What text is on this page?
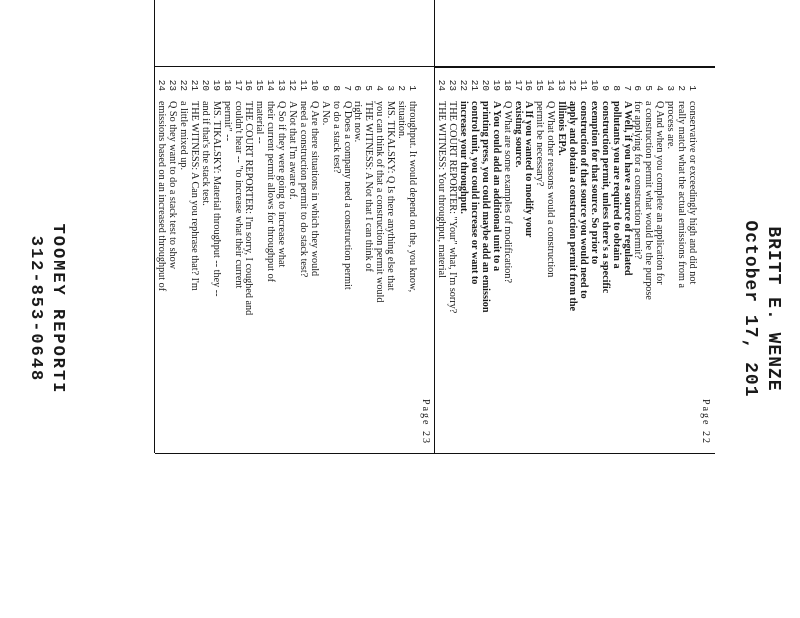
BRITT E. WENZE
October 17, 201
Page 22
1
conservative or exceedingly high and did not
2
really match what the actual emissions from a
3
process are.
4
Q And when you complete an application for
5
a construction permit what would be the purpose
6
for applying for a construction permit?
7
A Well, if you have a source of regulated
8
pollutants you are required to obtain a
9
construction permit, unless there's a specific
10
exemption for that source. So prior to
11
construction of that source you would need to
12
apply and obtain a construction permit from the
13
Illinois EPA.
14
Q What other reasons would a construction
15
permit be necessary?
16
A If you wanted to modify your
17
existing source.
18
Q What are some examples of modification?
19
A You could add an additional unit to a
20
printing press, you could maybe add an emission
21
control unit, you could increase or want to
22
increase your throughput.
23
THE COURT REPORTER: "Your" what, I'm sorry?
24
THE WITNESS: Your throughput, material
Page 23
1
throughput. It would depend on the, you know,
2
situation.
3
MS. TIKALSKY: Q Is there anything else that
4
you can think of that a construction permit would
5
THE WITNESS: A Not that I can think of
6
right now.
7
Q Does a company need a construction permit
8
to do a stack test?
9
A No.
10
Q Are there situations in which they would
11
need a construction permit to do stack test?
12
A Not that I'm aware of.
13
Q So if they were going to increase what
14
their current permit allows for throughput of
15
material --
16
THE COURT REPORTER: I'm sorry, I coughed and
17
couldn't hear -- "to increase what their current
18
permit" --
19
MS. TIKALSKY: Material throughput -- they --
20
and if that's the stack test.
21
THE WITNESS: A Can you rephrase that? I'm
22
a little mixed up.
23
Q So they want to do a stack test to show
24
emissions based on an increased throughput of
TOOMEY REPORTI
312-853-0648
